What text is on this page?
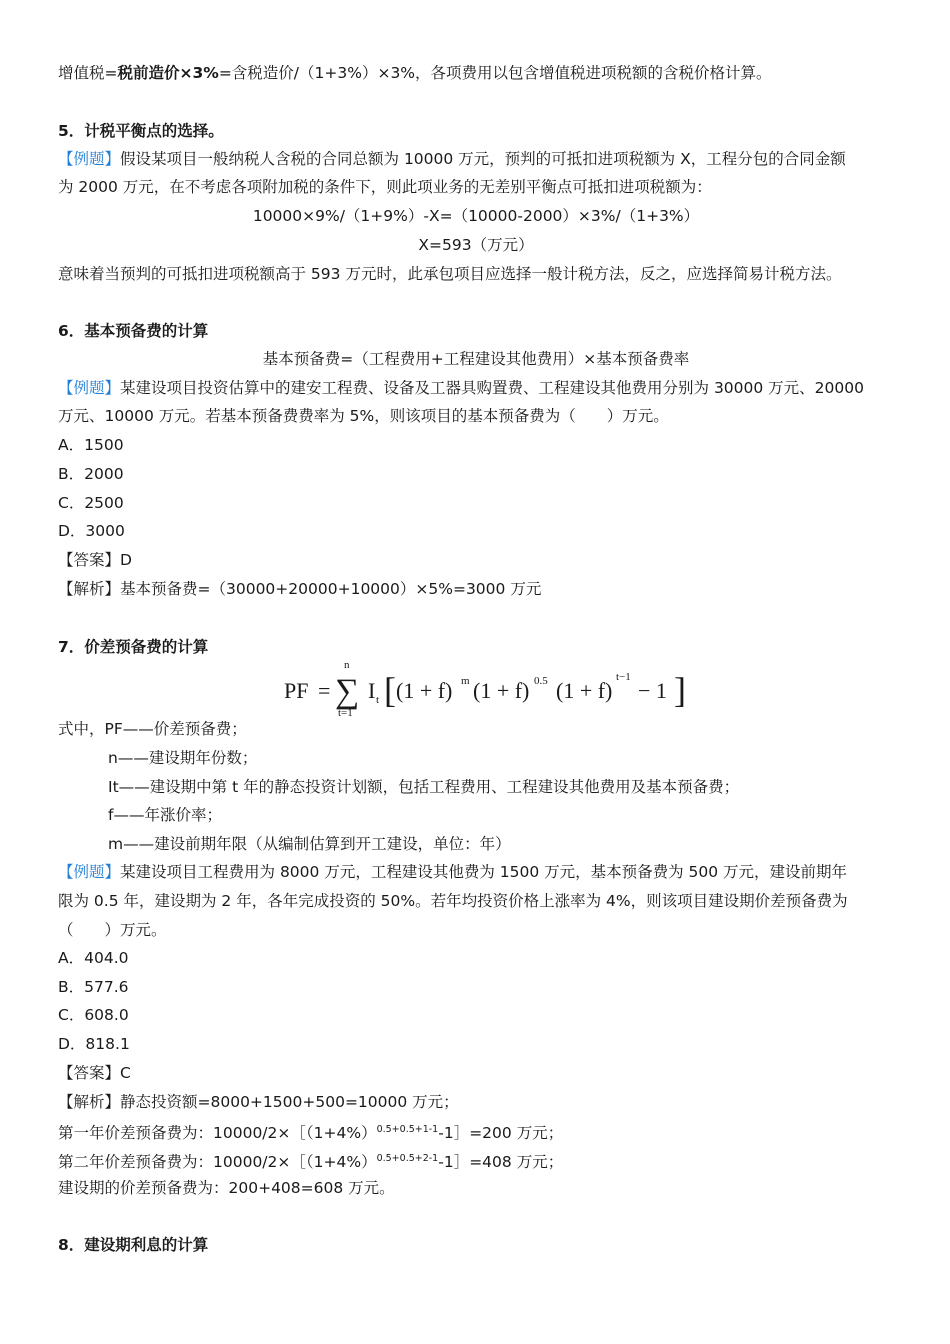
增值税=税前造价×3%=含税造价/（1+3%）×3%，各项费用以包含增值税进项税额的含税价格计算。
5．计税平衡点的选择。
【例题】假设某项目一般纳税人含税的合同总额为 10000 万元，预判的可抵扣进项税额为 X，工程分包的合同金额
为 2000 万元，在不考虑各项附加税的条件下，则此项业务的无差别平衡点可抵扣进项税额为：
10000×9%/（1+9%）-X=（10000-2000）×3%/（1+3%）
X=593（万元）
意味着当预判的可抵扣进项税额高于 593 万元时，此承包项目应选择一般计税方法，反之，应选择简易计税方法。
6．基本预备费的计算
基本预备费=（工程费用+工程建设其他费用）×基本预备费率
【例题】某建设项目投资估算中的建安工程费、设备及工器具购置费、工程建设其他费用分别为 30000 万元、20000
万元、10000 万元。若基本预备费费率为 5%，则该项目的基本预备费为（　　）万元。
A．1500
B．2000
C．2500
D．3000
【答案】D
【解析】基本预备费=（30000+20000+10000）×5%=3000 万元
7．价差预备费的计算
PF =
n
∑
t=1
I t [ (1 + f) m (1 + f) 0.5 (1 + f)
t−1
− 1 ]
式中，PF——价差预备费；
n——建设期年份数；
It——建设期中第 t 年的静态投资计划额，包括工程费用、工程建设其他费用及基本预备费；
f——年涨价率；
m——建设前期年限（从编制估算到开工建设，单位：年）
【例题】某建设项目工程费用为 8000 万元，工程建设其他费为 1500 万元，基本预备费为 500 万元，建设前期年
限为 0.5 年，建设期为 2 年，各年完成投资的 50%。若年均投资价格上涨率为 4%，则该项目建设期价差预备费为
（　　）万元。
A．404.0
B．577.6
C．608.0
D．818.1
【答案】C
【解析】静态投资额=8000+1500+500=10000 万元；
第一年价差预备费为：$10000/2\times[(1+4\%)^{0.5+0.5+1-1}-1]=200$ 万元；
第二年价差预备费为：$10000/2\times[(1+4\%)^{0.5+0.5+2-1}-1]=408$ 万元；
建设期的价差预备费为：200+408=608 万元。
8．建设期利息的计算
